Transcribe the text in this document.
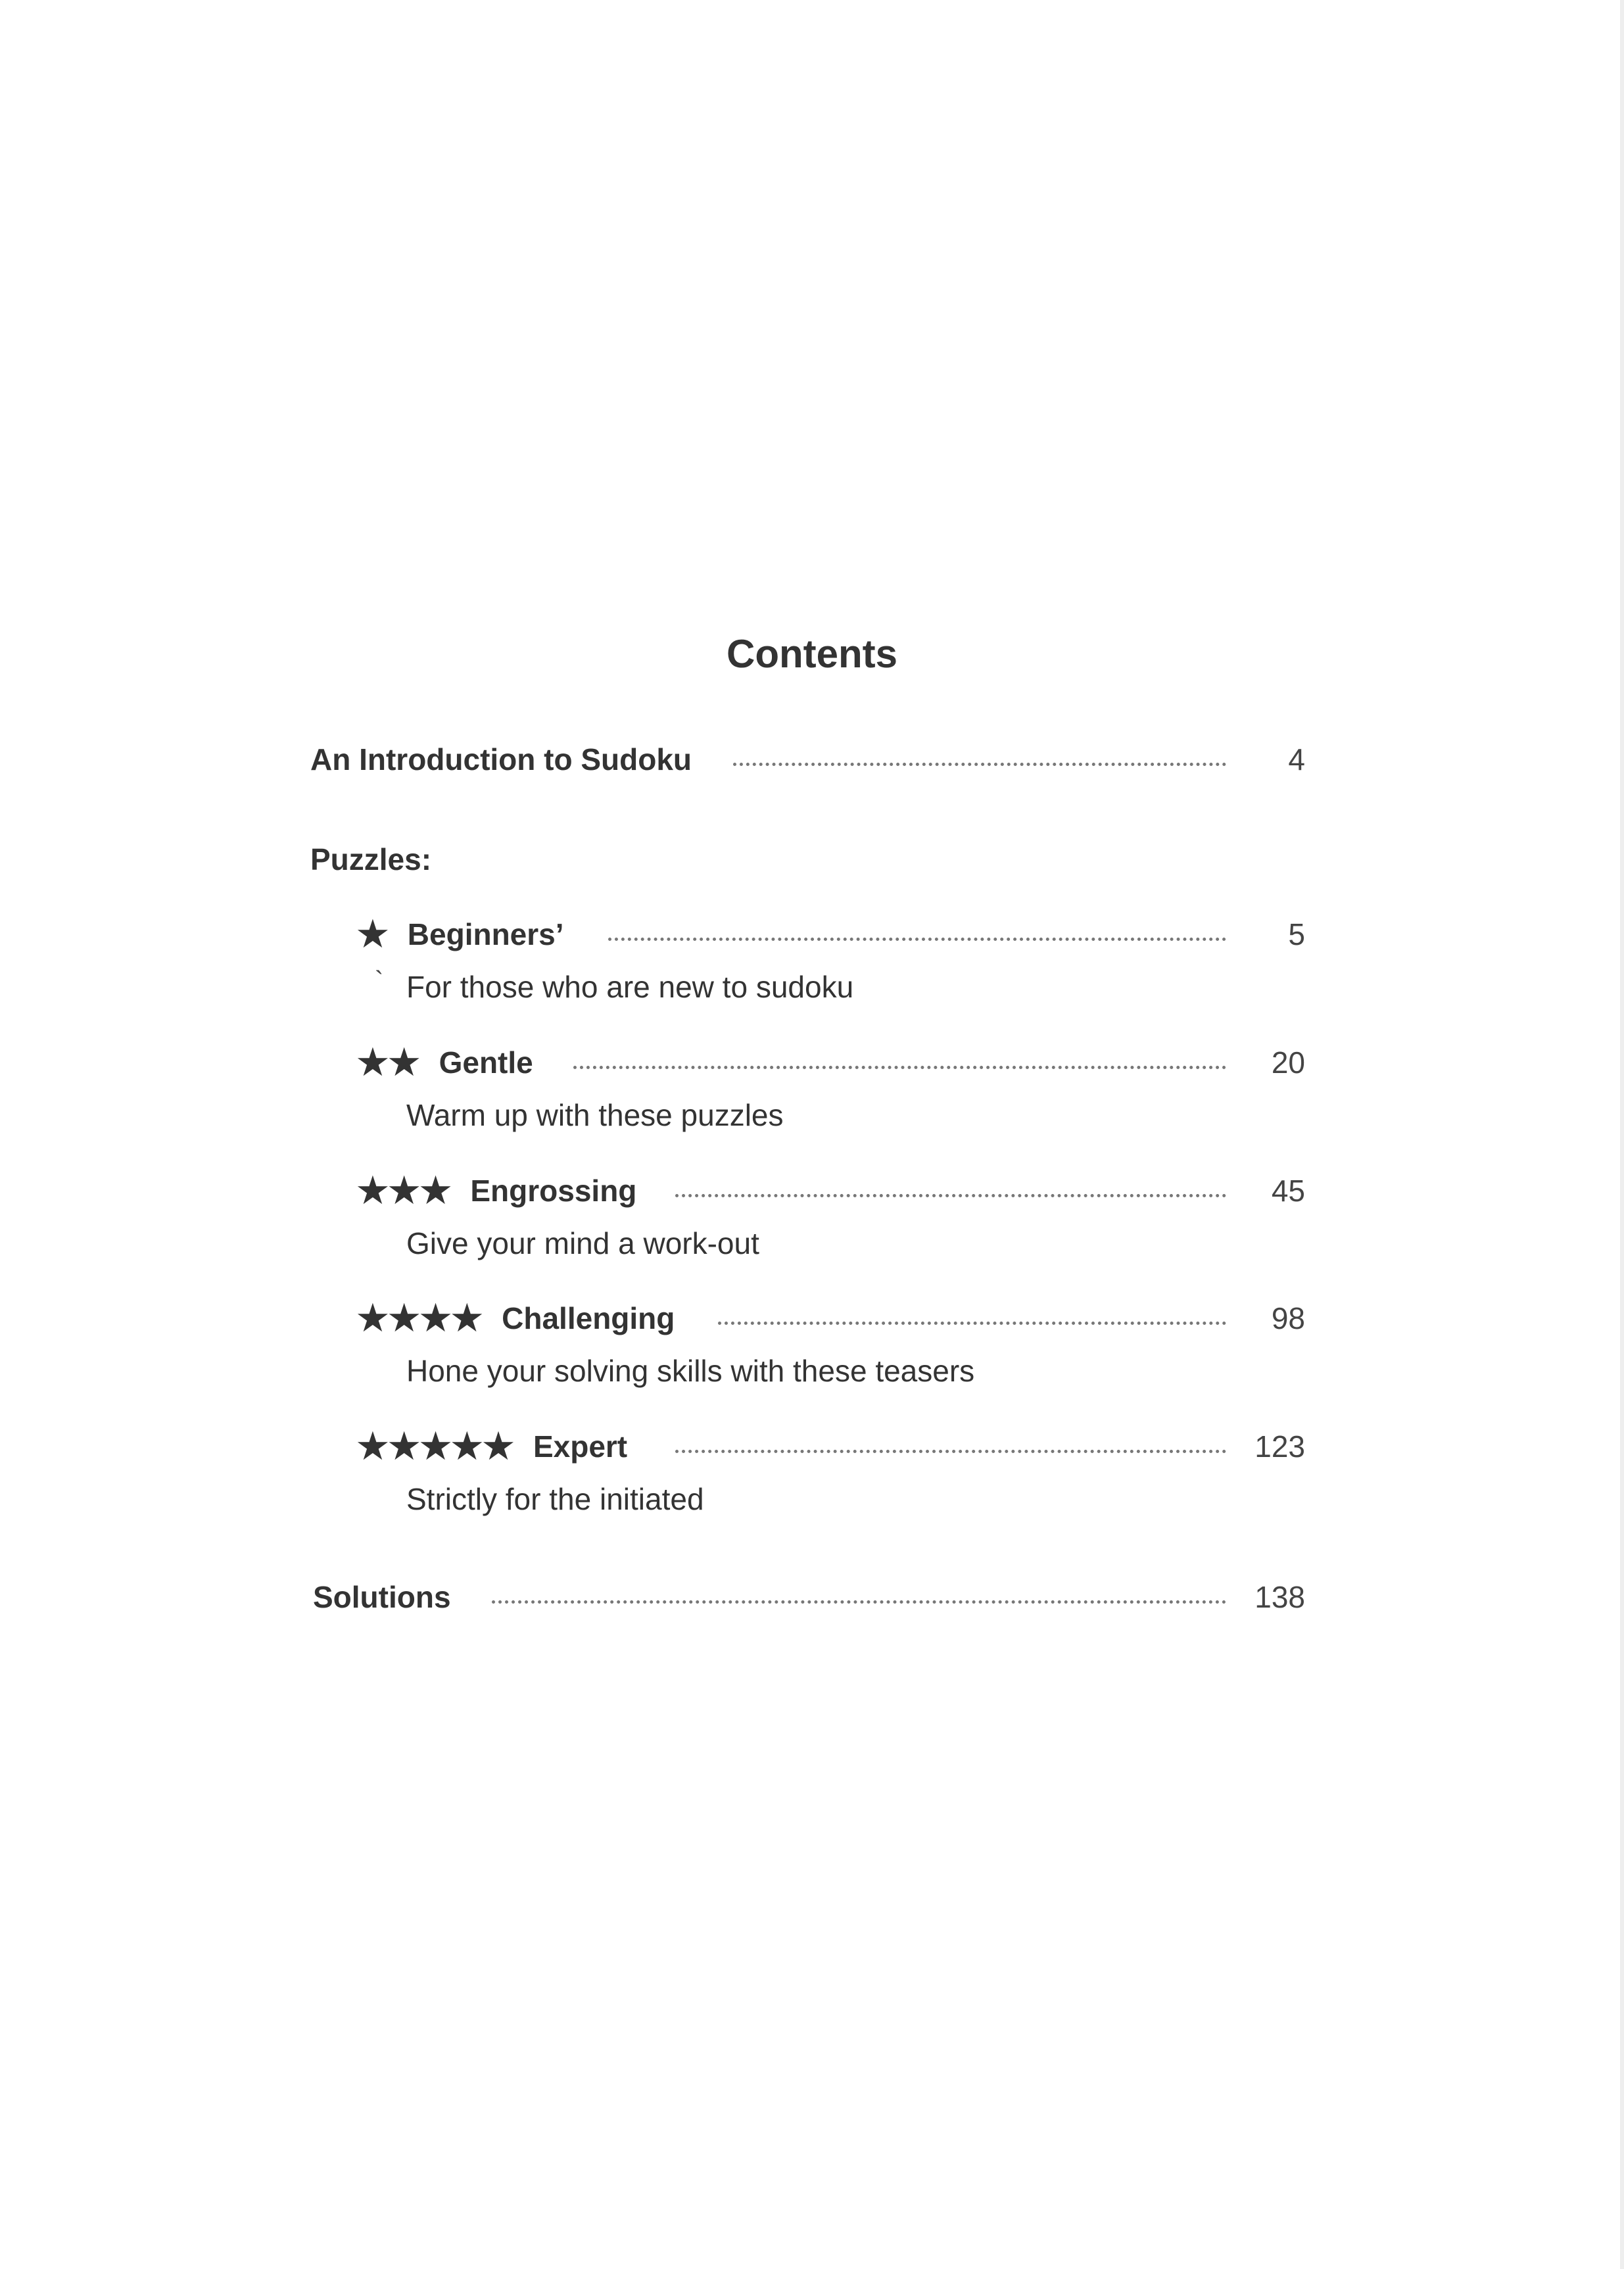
Contents
An Introduction to Sudoku	4
Puzzles:
★ Beginners’	5
` For those who are new to sudoku
★★ Gentle	20
Warm up with these puzzles
★★★ Engrossing	45
Give your mind a work-out
★★★★ Challenging	98
Hone your solving skills with these teasers
★★★★★ Expert	123
Strictly for the initiated
Solutions	138
